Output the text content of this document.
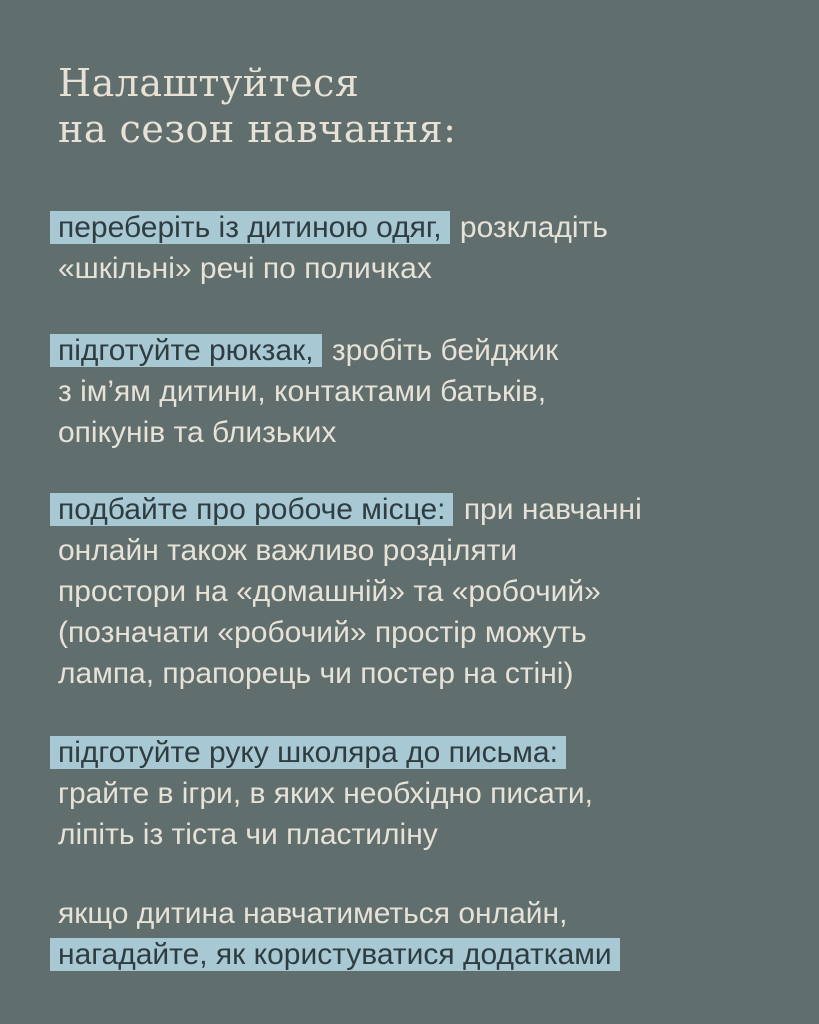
Налаштуйтеся
на сезон навчання:
переберіть із дитиною одяг, розкладіть
«шкільні» речі по поличках
підготуйте рюкзак, зробіть бейджик
з ім’ям дитини, контактами батьків,
опікунів та близьких
подбайте про робоче місце: при навчанні
онлайн також важливо розділяти
простори на «домашній» та «робочий»
(позначати «робочий» простір можуть
лампа, прапорець чи постер на стіні)
підготуйте руку школяра до письма:
грайте в ігри, в яких необхідно писати,
ліпіть із тіста чи пластиліну
якщо дитина навчатиметься онлайн,
нагадайте, як користуватися додатками
